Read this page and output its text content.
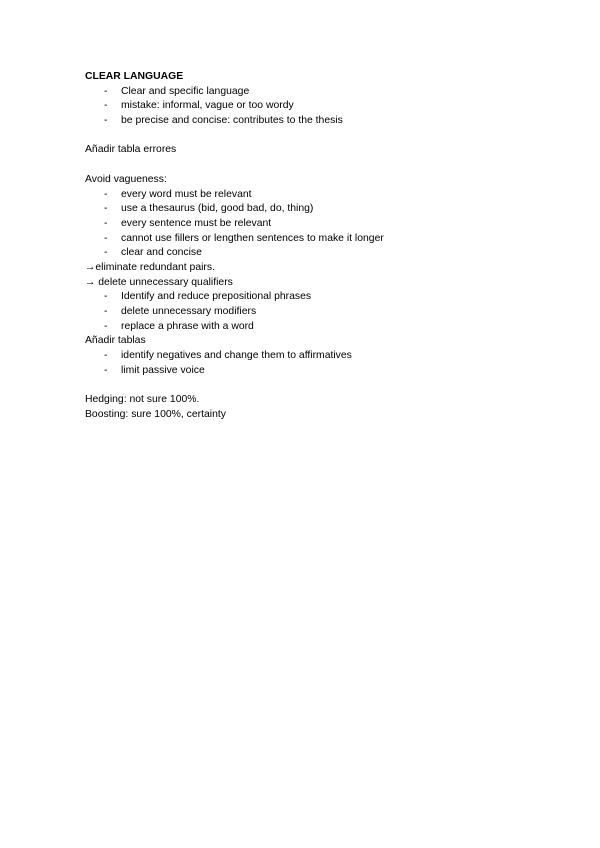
CLEAR LANGUAGE

- Clear and specific language
- mistake: informal, vague or too wordy
- be precise and concise: contributes to the thesis

Añadir tabla errores

Avoid vagueness:

- every word must be relevant
- use a thesaurus (bid, good bad, do, thing)
- every sentence must be relevant
- cannot use fillers or lengthen sentences to make it longer
- clear and concise

→eliminate redundant pairs.

→ delete unnecessary qualifiers

- Identify and reduce prepositional phrases
- delete unnecessary modifiers
- replace a phrase with a word

Añadir tablas

- identify negatives and change them to affirmatives
- limit passive voice

Hedging: not sure 100%.

Boosting: sure 100%, certainty
